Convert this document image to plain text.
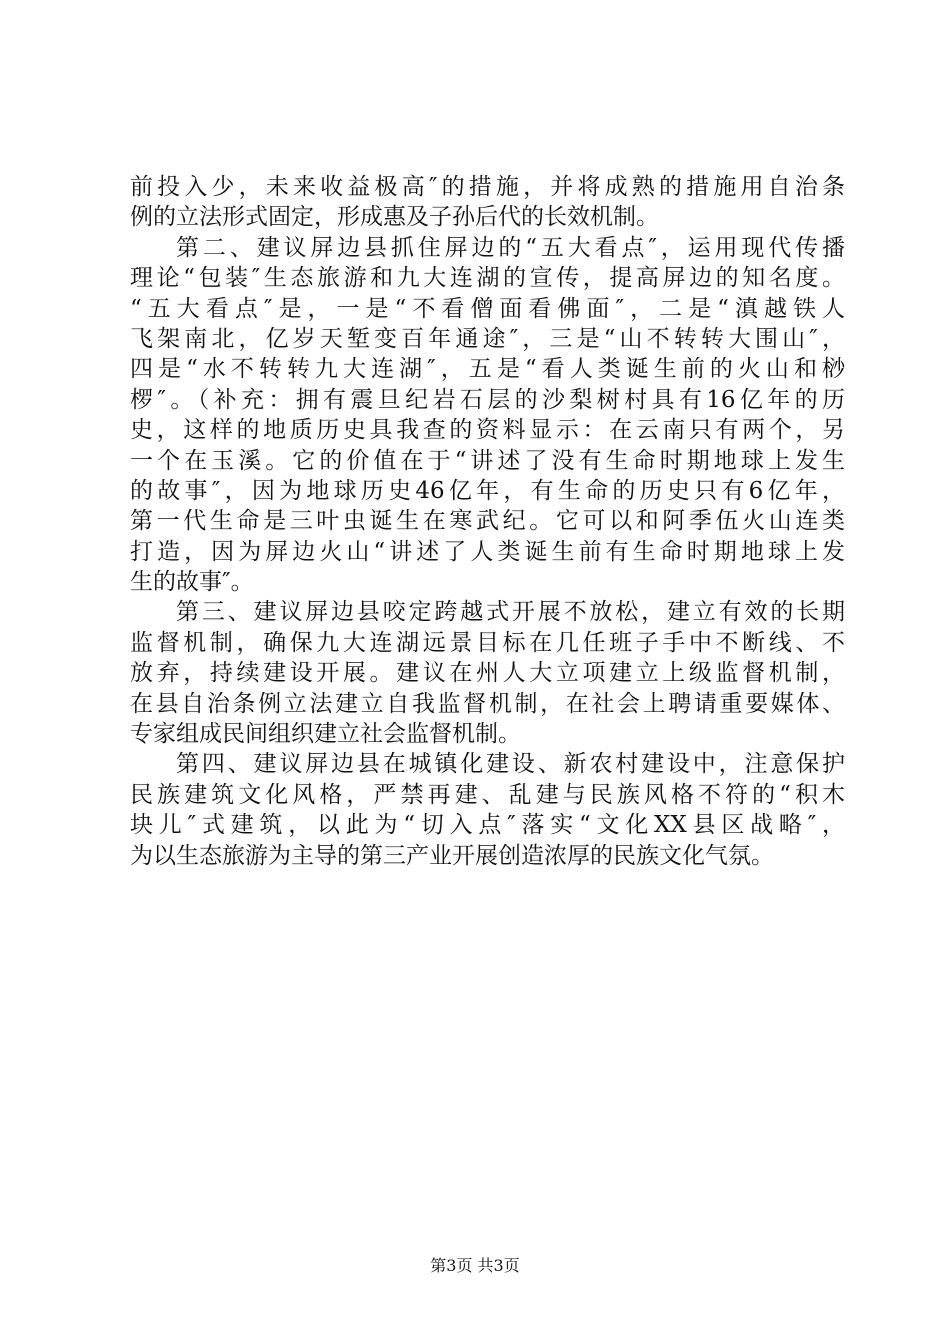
前投入少，未来收益极高″的措施，并将成熟的措施用自治条
例的立法形式固定，形成惠及子孙后代的长效机制。
第二、建议屏边县抓住屏边的“五大看点″，运用现代传播
理论“包装″生态旅游和九大连湖的宣传，提高屏边的知名度。
“五大看点″是，一是“不看僧面看佛面″，二是“滇越铁人
飞架南北，亿岁天堑变百年通途″，三是“山不转转大围山″，
四是“水不转转九大连湖″，五是“看人类诞生前的火山和桫
椤″。（补充：拥有震旦纪岩石层的沙梨树村具有16亿年的历
史，这样的地质历史具我查的资料显示：在云南只有两个，另
一个在玉溪。它的价值在于“讲述了没有生命时期地球上发生
的故事″，因为地球历史46亿年，有生命的历史只有6亿年，
第一代生命是三叶虫诞生在寒武纪。它可以和阿季伍火山连类
打造，因为屏边火山“讲述了人类诞生前有生命时期地球上发
生的故事″。
第三、建议屏边县咬定跨越式开展不放松，建立有效的长期
监督机制，确保九大连湖远景目标在几任班子手中不断线、不
放弃，持续建设开展。建议在州人大立项建立上级监督机制，
在县自治条例立法建立自我监督机制，在社会上聘请重要媒体、
专家组成民间组织建立社会监督机制。
第四、建议屏边县在城镇化建设、新农村建设中，注意保护
民族建筑文化风格，严禁再建、乱建与民族风格不符的“积木
块儿″式建筑，以此为“切入点″落实“文化XX县区战略″，
为以生态旅游为主导的第三产业开展创造浓厚的民族文化气氛。
第3页 共3页
